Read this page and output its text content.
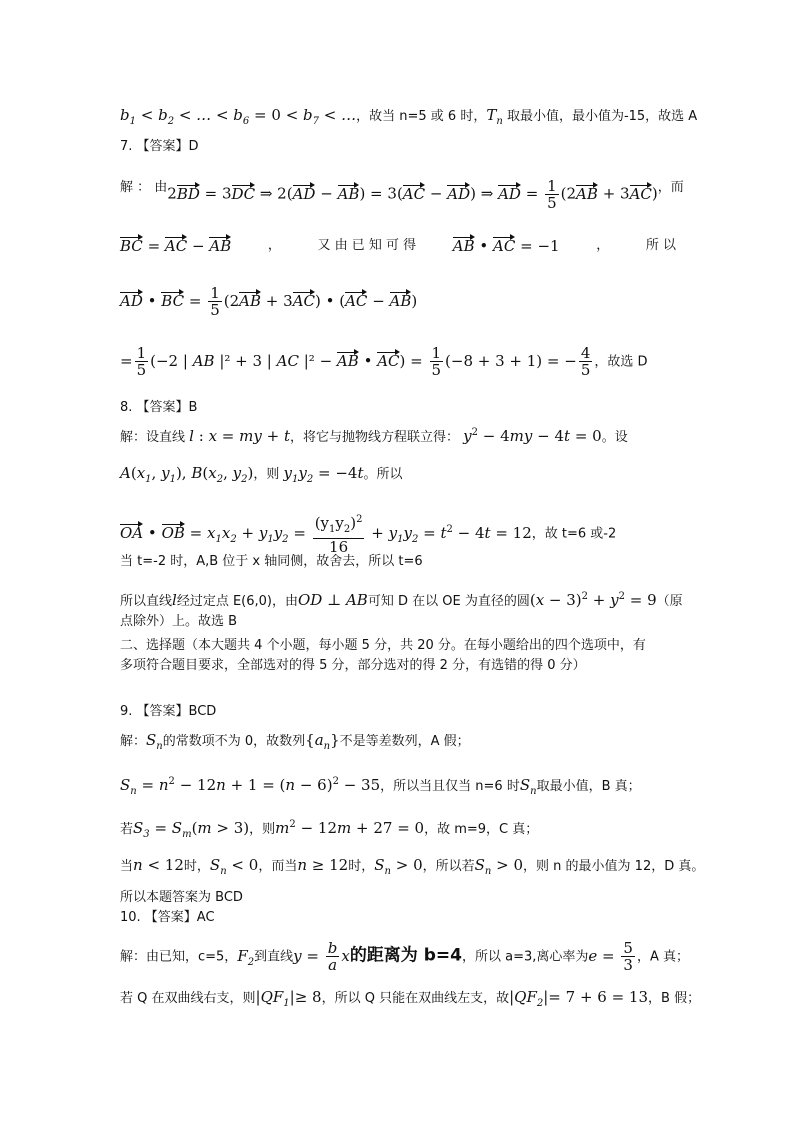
$b_1 < b_2$ < … < $b_6 = 0 < b_7$ < …，故当 n=5 或 6 时，$T_n$ 取最小值，最小值为-15，故选 A
7. 【答案】D
解 ： 由 2BD = 3DC ⇒ 2(AD − AB) = 3(AC − AD) ⇒ AD = $\frac{1}{5} (2AB + 3AC)$ ， 而
BC = AC − AB	，	又 由 已 知 可 得 AB • AC = −1	，	所 以
AD • BC = $\frac{1}{5} (2AB + 3AC)$ • (AC − AB)
= $\frac{1}{5} (-2$ | AB |² + 3 | AC |² − AB • $AC) = \frac{1}{5} (-8 + 3 + 1)$ = − $\frac{4}{5}$ ，故选 D
8. 【答案】B
解：设直线 l : x = my + t，将它与抛物线方程联立得： $y^2 - 4my - 4t = 0$。设
$A(x_1$, $y_1$), $B(x_2$, $y_2$)，则 $y_1y_2 = -4t$。所以
OA • OB = $x_1x_2 + y_1y_2 = \frac{(y_1y_2)^2}{16} + y_1y_2 = t^2 - 4t = 12$，故 t=6 或-2
当 t=-2 时，A,B 位于 x 轴同侧，故舍去，所以 t=6
所以直线l经过定点 E(6,0)，由OD ⊥ AB可知 D 在以 OE 为直径的圆$(x - 3)^2 + y^2 = 9$（原
点除外）上。故选 B
二、选择题（本大题共 4 个小题，每小题 5 分，共 20 分。在每小题给出的四个选项中，有
多项符合题目要求，全部选对的得 5 分，部分选对的得 2 分，有选错的得 0 分）
9. 【答案】BCD
解：$S_n$的常数项不为 0，故数列$\{a_n\}$不是等差数列，A 假；
$S_n = n^2 - 12n + 1 = (n - 6)^2 - 35$，所以当且仅当 n=6 时$S_n$取最小值，B 真；
若$S_3 = S_m(m > 3)$，则$m^2 - 12m + 27 = 0$，故 m=9，C 真；
当n < 12时，$S_n < 0$，而当n ≥ 12时，$S_n > 0$，所以若$S_n > 0$，则 n 的最小值为 12，D 真。
所以本题答案为 BCD
10. 【答案】AC
解：由已知，c=5，$F_2$到直线$y = \frac{b}{a}$ x的距离为 b=4，所以 a=3,离心率为$e = \frac{5}{3}$ ，A 真；
若 Q 在双曲线右支，则$|QF_1|\ge 8$，所以 Q 只能在双曲线左支，故$|QF_2|= 7 + 6 = 13$，B 假；
